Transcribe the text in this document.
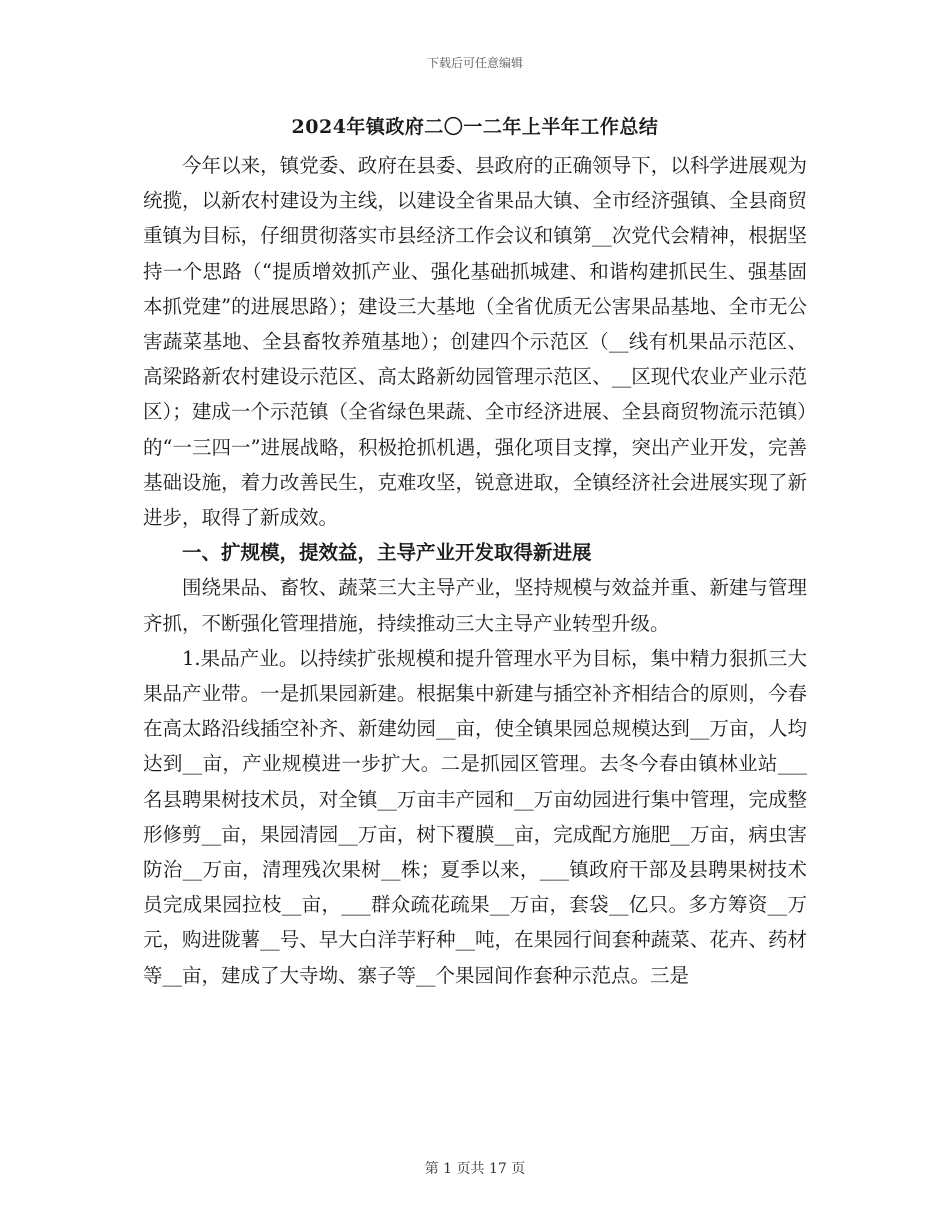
下载后可任意编辑
2024年镇政府二〇一二年上半年工作总结

今年以来，镇党委、政府在县委、县政府的正确领导下，以科学进展观为统揽，以新农村建设为主线，以建设全省果品大镇、全市经济强镇、全县商贸重镇为目标，仔细贯彻落实市县经济工作会议和镇第__次党代会精神，根据坚持一个思路（“提质增效抓产业、强化基础抓城建、和谐构建抓民生、强基固本抓党建”的进展思路）；建设三大基地（全省优质无公害果品基地、全市无公害蔬菜基地、全县畜牧养殖基地）；创建四个示范区（__线有机果品示范区、高梁路新农村建设示范区、高太路新幼园管理示范区、__区现代农业产业示范区）；建成一个示范镇（全省绿色果蔬、全市经济进展、全县商贸物流示范镇）的“一三四一”进展战略，积极抢抓机遇，强化项目支撑，突出产业开发，完善基础设施，着力改善民生，克难攻坚，锐意进取，全镇经济社会进展实现了新进步，取得了新成效。

一、扩规模，提效益，主导产业开发取得新进展

围绕果品、畜牧、蔬菜三大主导产业，坚持规模与效益并重、新建与管理齐抓，不断强化管理措施，持续推动三大主导产业转型升级。

1.果品产业。以持续扩张规模和提升管理水平为目标，集中精力狠抓三大果品产业带。一是抓果园新建。根据集中新建与插空补齐相结合的原则，今春在高太路沿线插空补齐、新建幼园__亩，使全镇果园总规模达到__万亩，人均达到__亩，产业规模进一步扩大。二是抓园区管理。去冬今春由镇林业站___名县聘果树技术员，对全镇__万亩丰产园和__万亩幼园进行集中管理，完成整形修剪__亩，果园清园__万亩，树下覆膜__亩，完成配方施肥__万亩，病虫害防治__万亩，清理残次果树__株；夏季以来，___镇政府干部及县聘果树技术员完成果园拉枝__亩，___群众疏花疏果__万亩，套袋__亿只。多方筹资__万元，购进陇薯__号、早大白洋芋籽种__吨，在果园行间套种蔬菜、花卉、药材等__亩，建成了大寺坳、寨子等__个果园间作套种示范点。三是

第 1 页共 17 页
